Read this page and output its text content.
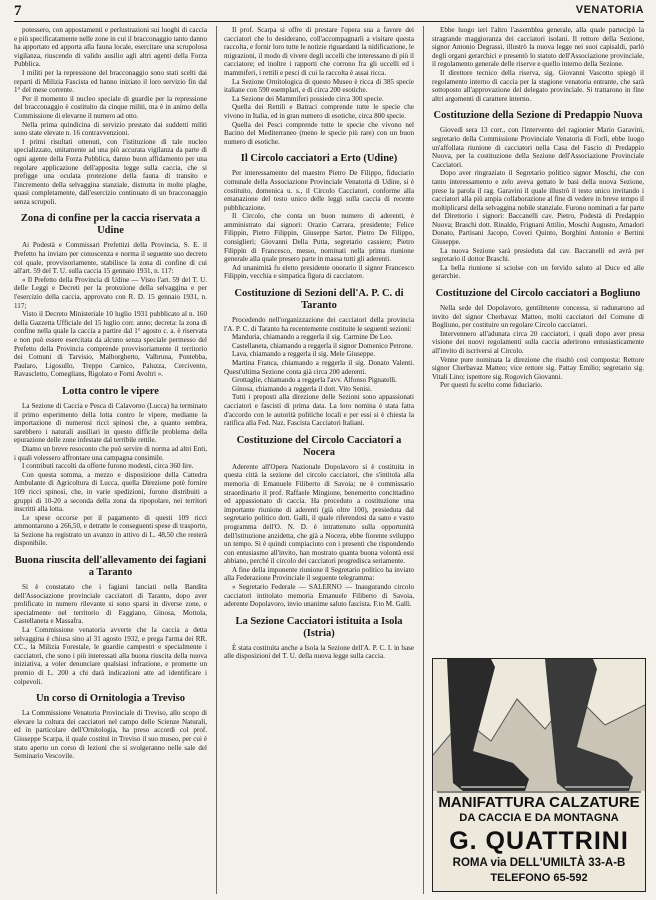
7	VENATORIA

potessero, con appostamenti e perlustrazioni sui luoghi di caccia e più specificatamente nelle zone in cui il bracconaggio tanto danno ha apportato ed apporta alla fauna locale, esercitare una scrupolosa vigilanza, riuscendo di valido ausilio agli altri agenti della Forza Pubblica.

I militi per la repressione del bracconaggio sono stati scelti dai reparti di Milizia Fascista ed hanno iniziato il loro servizio fin dal 1° del mese corrente.

Per il momento il nucleo speciale di guardie per la repressione del bracconaggio è costituito da cinque militi, ma è in animo della Commissione di elevarne il numero ad otto.

Nella prima quindicina di servizio prestato dai suddetti militi sono state elevate n. 16 contravvenzioni.

I primi risultati ottenuti, con l'istituzione di tale nucleo specializzato, unitamente ad una più accurata vigilanza da parte di ogni agente della Forza Pubblica, danno buon affidamento per una regolare applicazione dell'apposita legge sulla caccia, che si prefigge una oculata protezione della fauna di transito e l'incremento della selvaggina stanziale, distrutta in molte plaghe, quasi completamente, dall'esercizio continuato di un bracconaggio senza scrupoli.

Zona di confine per la caccia riservata a Udine

Ai Podestà e Commissari Prefettizi della Provincia, S. E. il Prefetto ha inviato per conoscenza e norma il seguente suo decreto col quale, provvisoriamente, stabilisce la zona di confine di cui all'art. 59 del T. U. sulla caccia 15 gennaio 1931, n. 117:

« Il Prefetto della Provincia di Udine — Visto l'art. 59 del T. U. delle Leggi e Decreti per la protezione della selvaggina e per l'esercizio della caccia, approvato con R. D. 15 gennaio 1931, n. 117;

Visto il Decreto Ministeriale 10 luglio 1931 pubblicato al n. 160 della Gazzetta Ufficiale del 15 luglio corr. anno; decreta: la zona di confine nella quale la caccia a partire dal 1° agosto c. a. è riservata e non può essere esercitata da alcuno senza speciale permesso del Prefetto della Provincia comprende provvisoriamente il territorio dei Comuni di Tarvisio, Malborghetto, Valbruna, Pontebba, Paularo, Ligosullo, Treppo Carnico, Paluzza, Cercivento, Ravascletto, Comeglians, Rigolato e Forni Avoltri ».

Lotta contro le vipere

La Sezione di Caccia e Pesca di Calavorno (Lucca) ha terminato il primo esperimento della lotta contro le vipere, mediante la importazione di numerosi ricci spinosi che, a quanto sembra, sarebbero i naturali ausiliari in questo difficile problema della epurazione delle zone infestate dal terribile rettile.

Diamo un breve resoconto che può servire di norma ad altri Enti, i quali volessero affrontare una campagna consimile.

I contributi raccolti da offerte furono modesti, circa 360 lire.

Con questa somma, a mezzo e disposizione della Cattedra Ambulante di Agricoltura di Lucca, quella Direzione potè fornire 109 ricci spinosi, che, in varie spedizioni, furono distribuiti a gruppi di 10-20 a seconda della zona da ripopolare, nei territori inscritti alla lotta.

Le spese occorse per il pagamento di questi 109 ricci ammontarono a 266,50, e detratte le conseguenti spese di trasporto, la Sezione ha registrato un avanzo in attivo di L. 48,50 che resterà disponibile.

Buona riuscita dell'allevamento dei fagiani a Taranto

Si è constatato che i fagiani lanciati nella Bandita dell'Associazione provinciale cacciatori di Taranto, dopo aver prolificato in numero rilevante si sono sparsi in diverse zone, e specialmente nel territorio di Faggiano, Ginosa, Mottola, Castellaneta e Massafra.

La Commissione venatoria avverte che la caccia a detta selvaggina è chiusa sino al 31 agosto 1932, e prega l'arma dei RR. CC., la Milizia Forestale, le guardie campestri e specialmente i cacciatori, che sono i più interessati alla buona riuscita della nuova iniziativa, a voler denunciare qualsiasi infrazione, e promette un premio di L. 200 a chi darà indicazioni atte ad identificare i colpevoli.

Un corso di Ornitologia a Treviso

La Commissione Venatoria Provinciale di Treviso, allo scopo di elevare la coltura dei cacciatori nel campo delle Scienze Naturali, ed in particolare dell'Ornitologia, ha preso accordi col prof. Giuseppe Scarpa, il quale costituì in Treviso il suo museo, per cui è stato aperto un corso di lezioni che si svolgeranno nelle sale del Seminario Vescovile.

Il prof. Scarpa si offre di prestare l'opera sua a favore dei cacciatori che lo desiderano, coll'accompagnarli a visitare questa raccolta, e fornir loro tutte le notizie riguardanti la nidificazione, le migrazioni, il modo di vivere degli uccelli che interessano di più il cacciatore; ed inoltre i rapporti che corrono fra gli uccelli ed i mammiferi, i rettili e pesci di cui la raccolta è assai ricca.

La Sezione Ornitologica di questo Museo è ricca di 385 specie italiane con 590 esemplari, e di circa 200 esotiche.

La Sezione dei Mammiferi possiede circa 300 specie.

Quella dei Rettili e Batraci comprende tutte le specie che vivono in Italia, ed in gran numero di esotiche, circa 800 specie.

Quella dei Pesci comprende tutte le specie che vivono nel Bacino del Mediterraneo (meno le specie più rare) con un buon numero di esotiche.

Il Circolo cacciatori a Erto (Udine)

Per interessamento del maestro Pietro De Filippo, fiduciario comunale della Associazione Provinciale Venatoria di Udine, si è costituito, domenica u. s., il Circolo Cacciatori, conforme alla emanazione del testo unico delle leggi sulla caccia di recente pubblicazione.

Il Circolo, che conta un buon numero di aderenti, è amministrato dai signori: Orazio Carrara, presidente; Felice Filippin, Pietro Filippin, Giuseppe Sartor, Pietro De Filippo, consiglieri; Giovanni Della Putta, segretario cassiere; Pietro Filippin di Francesco, messo, nominati nella prima riunione generale alla quale presero parte in massa tutti gli aderenti.

Ad unanimità fu eletto presidente onorario il signor Francesco Filippin, vecchia e simpatica figura di cacciatore.

Costituzione di Sezioni dell'A. P. C. di Taranto

Procedendo nell'organizzazione dei cacciatori della provincia l'A. P. C. di Taranto ha recentemente costituite le seguenti sezioni:

Manduria, chiamando a reggerla il sig. Carmine De Leo.

Castellaneta, chiamando a reggerla il signor Domenico Petrone.

Lava, chiamando a reggerla il sig. Mele Giuseppe.

Martina Franca, chiamando a reggerla il sig. Donato Valenti. Quest'ultima Sezione conta già circa 200 aderenti.

Grottaglie, chiamando a reggerla l'avv. Alfonso Pignatelli.

Ginosa, chiamando a reggerla il dott. Vito Senisi.

Tutti i preposti alla direzione delle Sezioni sono appassionati cacciatori e fascisti di prima data. La loro nomina è stata fatta d'accordo con le autorità politiche locali e per essi si è chiesta la ratifica alla Fed. Naz. Fascista Cacciatori Italiani.

Costituzione del Circolo Cacciatori a Nocera

Aderente all'Opera Nazionale Dopolavoro si è costituita in questa città la sezione del circolo cacciatori, che s'intitola alla memoria di Emanuele Filiberto di Savoia; ne è commissario straordinario il prof. Raffaele Mingione, benemerito concittadino ed appassionato di caccia. Ha proceduto a costituzione una importante riunione di aderenti (già oltre 100), presieduta dal segretario politico dott. Galli, il quale riferendosi da sano e vasto programma dell'O. N. D. è intrattenuto sulla opportunità dell'istituzione anzidetta, che già a Nocera, ebbe fiorente sviluppo un tempo. Si è quindi compiaciuto con i presenti che rispondendo con entusiasmo all'invito, han mostrato quanta buona volontà essi abbiano, perchè il circolo dei cacciatori progredisca seriamente.

A fine della imponente riunione il Segretario politico ha inviato alla Federazione Provinciale il seguente telegramma:

« Segretario Federale — SALERNO — Inaugurando circolo cacciatori intitolato memoria Emanuele Filiberto di Savoia, aderente Dopolavoro, invio unanime saluto fascista. F.to M. Galli.

La Sezione Cacciatori istituita a Isola (Istria)

È stata costituita anche a Isola la Sezione dell'A. P. C. I. in base alle disposizioni del T. U. della nuova legge sulla caccia.

Ebbe luogo ieri l'altro l'assemblea generale, alla quale partecipò la stragrande maggioranza dei cacciatori isolani. Il rettore della Sezione, signor Antonio Degrassi, illustrò la nuova legge nei suoi capisaldi, parlò degli organi gerarchici e presentò lo statuto dell'Associazione provinciale, il regolamento generale delle riserve e quello interno della Sezione.

Il direttore tecnico della riserva, sig. Giovanni Vascotto spiegò il regolamento interno di caccia per la stagione venatoria entrante, che sarà sottoposto all'approvazione del delegato provinciale. Si trattarono in fine altri argomenti di carattere interno.

Costituzione della Sezione di Predappio Nuova

Giovedì sera 13 corr., con l'intervento del ragionier Mario Garavini, segretario della Commissione Provinciale Venatoria di Forlì, ebbe luogo un'affollata riunione di cacciatori nella Casa del Fascio di Predappio Nuova, per la costituzione della Sezione dell'Associazione Provinciale Cacciatori.

Dopo aver ringraziato il Segretario politico signor Moschi, che con tanto interessamento e zelo aveva gettato le basi della nuova Sezione, prese la parola il rag. Garavini il quale illustrò il testo unico invitando i cacciatori alla più ampia collaborazione al fine di vedere in breve tempo il moltiplicarsi della selvaggina nobile stanziale. Furono nominati a far parte del Direttorio i signori: Baccanelli cav. Pietro, Podestà di Predappio Nuova; Braschi dott. Rinaldo, Frignani Attilio, Moschi Augusto, Amadori Donato, Partisani Jacopo, Coveri Quinto, Borghini Antonio e Bertini Giuseppe.

La nuova Sezione sarà presieduta dal cav. Baccanelli ed avrà per segretario il dottor Braschi.

La bella riunione si sciolse con un fervido saluto al Duce ed alle gerarchie.

Costituzione del Circolo cacciatori a Bogliuno

Nella sede del Dopolavoro, gentilmente concessa, si radunarono ad invito del signor Cherbavaz Matteo, molti cacciatori del Comune di Bogliuno, per costituire un regolare Circolo cacciatori.

Intervennero all'adunata circa 20 cacciatori, i quali dopo aver presa visione dei nuovi regolamenti sulla caccia aderirono entusiasticamente all'invito di iscriversi al Circolo.

Venne pure nominata la direzione che risultò così composta: Rettore signor Cherbavaz Matteo; vice rettore sig. Pattay Emilio; segretario sig. Vitali Lino; ispettore sig. Rogovich Giovanni.

Per questi fu scelto come fiduciario.

MANIFATTURA CALZATURE
DA CACCIA E DA MONTAGNA
G. QUATTRINI
ROMA via DELL'UMILTÀ 33-A-B
TELEFONO 65-592
